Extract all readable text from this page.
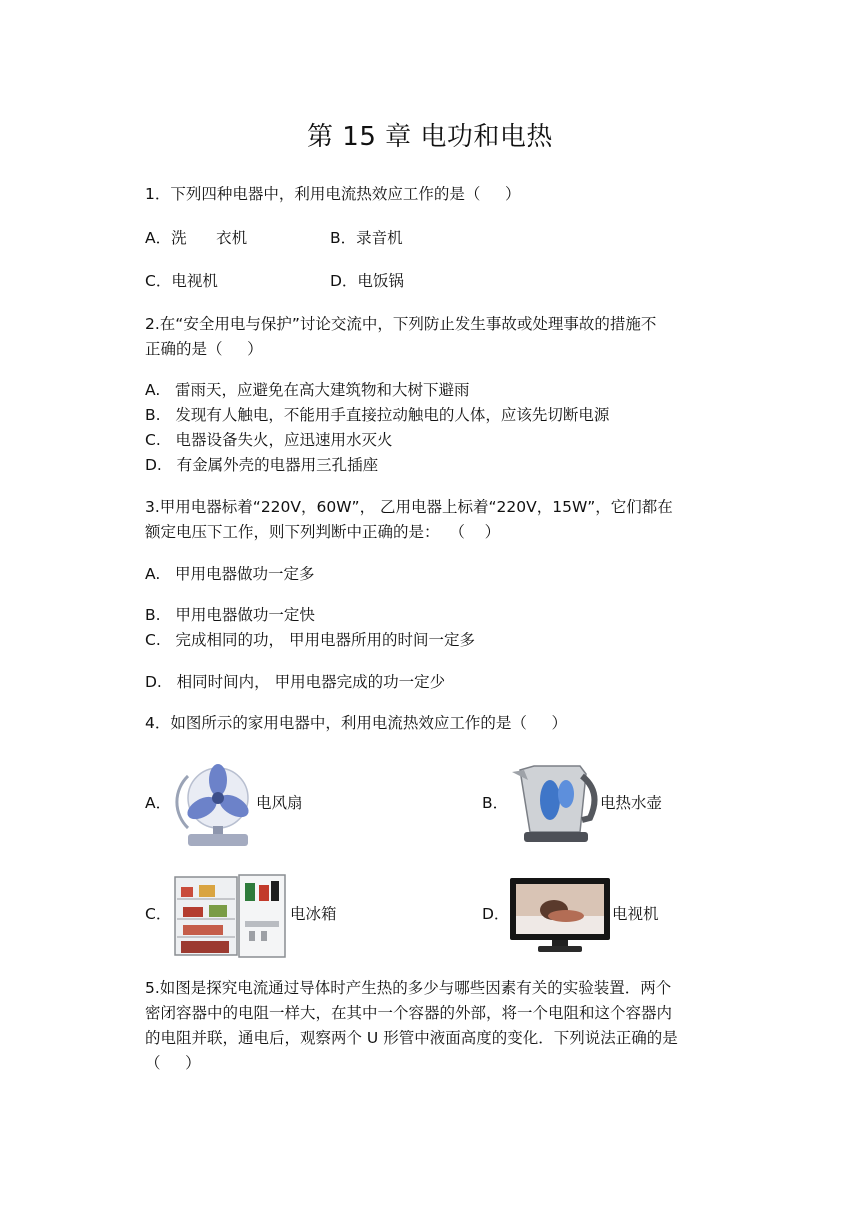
第 15 章 电功和电热
1．下列四种电器中，利用电流热效应工作的是（     ）
A．洗      衣机	B．录音机
C．电视机	D．电饭锅
2.在“安全用电与保护”讨论交流中，下列防止发生事故或处理事故的措施不
正确的是（     ）
A.   雷雨天，应避免在高大建筑物和大树下避雨
B.   发现有人触电，不能用手直接拉动触电的人体，应该先切断电源
C.   电器设备失火，应迅速用水灭火
D.   有金属外壳的电器用三孔插座
3.甲用电器标着“220V，60W”， 乙用电器上标着“220V，15W”，它们都在
额定电压下工作，则下列判断中正确的是：  （    ）
A.   甲用电器做功一定多
B.   甲用电器做功一定快
C.   完成相同的功， 甲用电器所用的时间一定多
D.   相同时间内， 甲用电器完成的功一定少
4．如图所示的家用电器中，利用电流热效应工作的是（     ）
A．	电风扇	B．	电热水壶
C．	电冰箱	D．	电视机
5.如图是探究电流通过导体时产生热的多少与哪些因素有关的实验装置．两个
密闭容器中的电阻一样大，在其中一个容器的外部，将一个电阻和这个容器内
的电阻并联，通电后，观察两个 U 形管中液面高度的变化．下列说法正确的是
（     ）
